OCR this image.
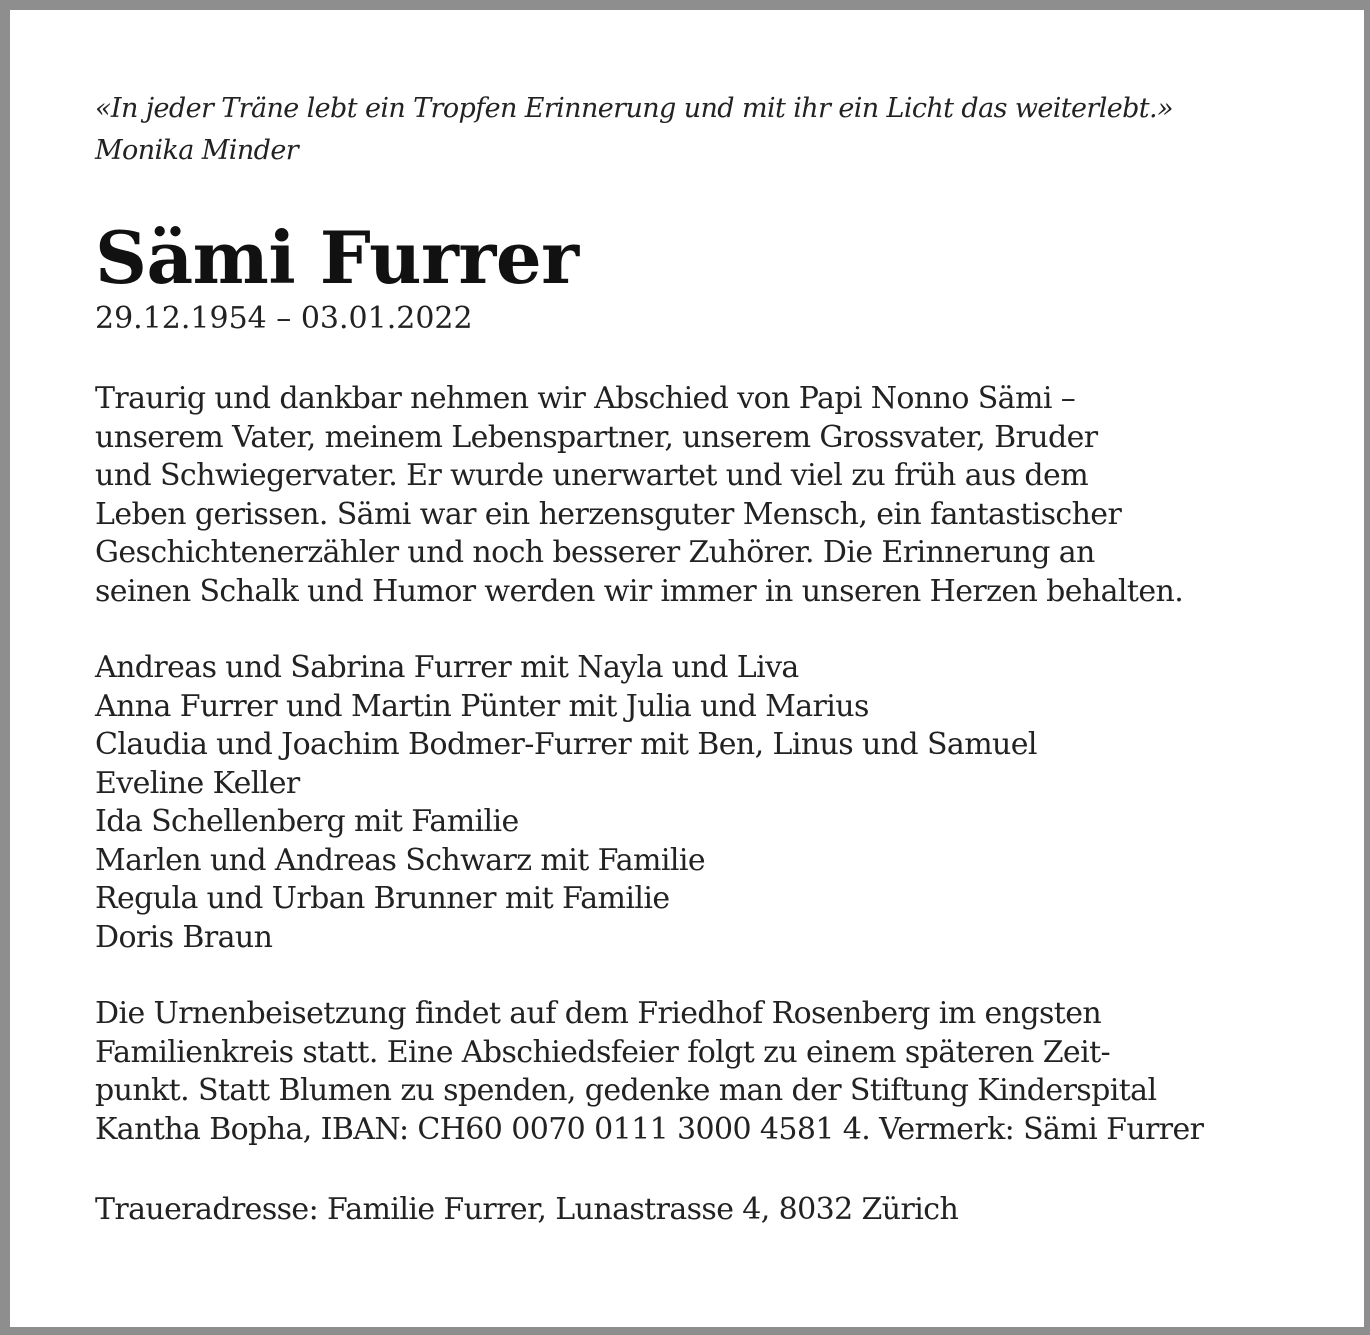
«In jeder Träne lebt ein Tropfen Erinnerung und mit ihr ein Licht das weiterlebt.»
Monika Minder
Sämi Furrer
29.12.1954 – 03.01.2022
Traurig und dankbar nehmen wir Abschied von Papi Nonno Sämi –
unserem Vater, meinem Lebenspartner, unserem Grossvater, Bruder
und Schwiegervater. Er wurde unerwartet und viel zu früh aus dem
Leben gerissen. Sämi war ein herzensguter Mensch, ein fantastischer
Geschichtenerzähler und noch besserer Zuhörer. Die Erinnerung an
seinen Schalk und Humor werden wir immer in unseren Herzen behalten.
Andreas und Sabrina Furrer mit Nayla und Liva
Anna Furrer und Martin Pünter mit Julia und Marius
Claudia und Joachim Bodmer-Furrer mit Ben, Linus und Samuel
Eveline Keller
Ida Schellenberg mit Familie
Marlen und Andreas Schwarz mit Familie
Regula und Urban Brunner mit Familie
Doris Braun
Die Urnenbeisetzung findet auf dem Friedhof Rosenberg im engsten
Familienkreis statt. Eine Abschiedsfeier folgt zu einem späteren Zeit-
punkt. Statt Blumen zu spenden, gedenke man der Stiftung Kinderspital
Kantha Bopha, IBAN: CH60 0070 0111 3000 4581 4. Vermerk: Sämi Furrer
Traueradresse: Familie Furrer, Lunastrasse 4, 8032 Zürich
